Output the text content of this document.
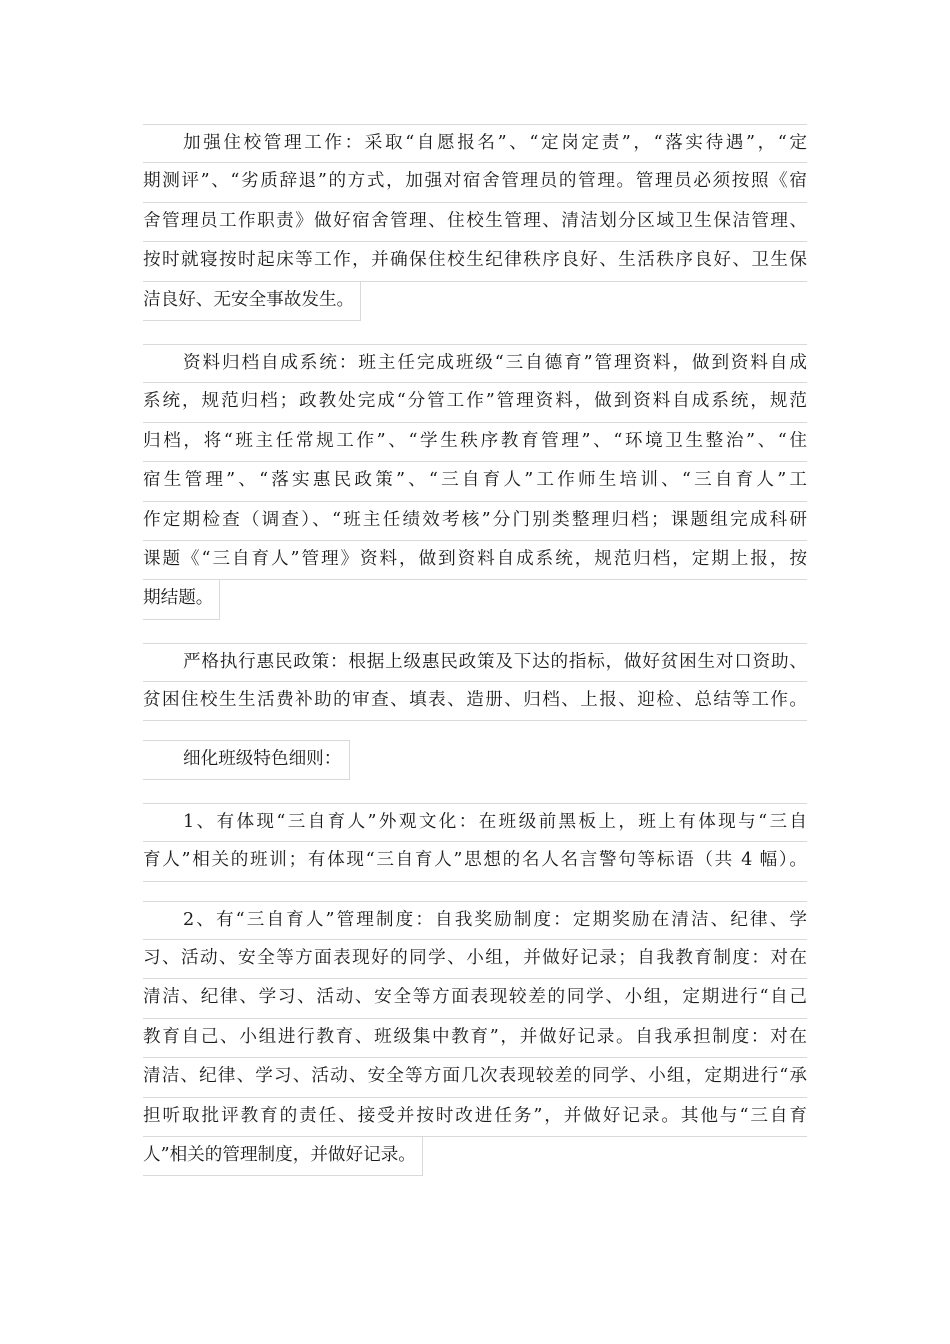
加强住校管理工作：采取“自愿报名”、“定岗定责”，“落实待遇”，“定
期测评”、“劣质辞退”的方式，加强对宿舍管理员的管理。管理员必须按照《宿
舍管理员工作职责》做好宿舍管理、住校生管理、清洁划分区域卫生保洁管理、
按时就寝按时起床等工作，并确保住校生纪律秩序良好、生活秩序良好、卫生保
洁良好、无安全事故发生。
资料归档自成系统：班主任完成班级“三自德育”管理资料，做到资料自成
系统，规范归档；政教处完成“分管工作”管理资料，做到资料自成系统，规范
归档，将“班主任常规工作”、“学生秩序教育管理”、“环境卫生整治”、“住
宿生管理”、“落实惠民政策”、“三自育人”工作师生培训、“三自育人”工
作定期检查（调查）、“班主任绩效考核”分门别类整理归档；课题组完成科研
课题《“三自育人”管理》资料，做到资料自成系统，规范归档，定期上报，按
期结题。
严格执行惠民政策：根据上级惠民政策及下达的指标，做好贫困生对口资助、
贫困住校生生活费补助的审查、填表、造册、归档、上报、迎检、总结等工作。
细化班级特色细则：
1、有体现“三自育人”外观文化：在班级前黑板上，班上有体现与“三自
育人”相关的班训；有体现“三自育人”思想的名人名言警句等标语（共 4 幅）。
2、有“三自育人”管理制度：自我奖励制度：定期奖励在清洁、纪律、学
习、活动、安全等方面表现好的同学、小组，并做好记录；自我教育制度：对在
清洁、纪律、学习、活动、安全等方面表现较差的同学、小组，定期进行“自己
教育自己、小组进行教育、班级集中教育”，并做好记录。自我承担制度：对在
清洁、纪律、学习、活动、安全等方面几次表现较差的同学、小组，定期进行“承
担听取批评教育的责任、接受并按时改进任务”，并做好记录。其他与“三自育
人”相关的管理制度，并做好记录。
